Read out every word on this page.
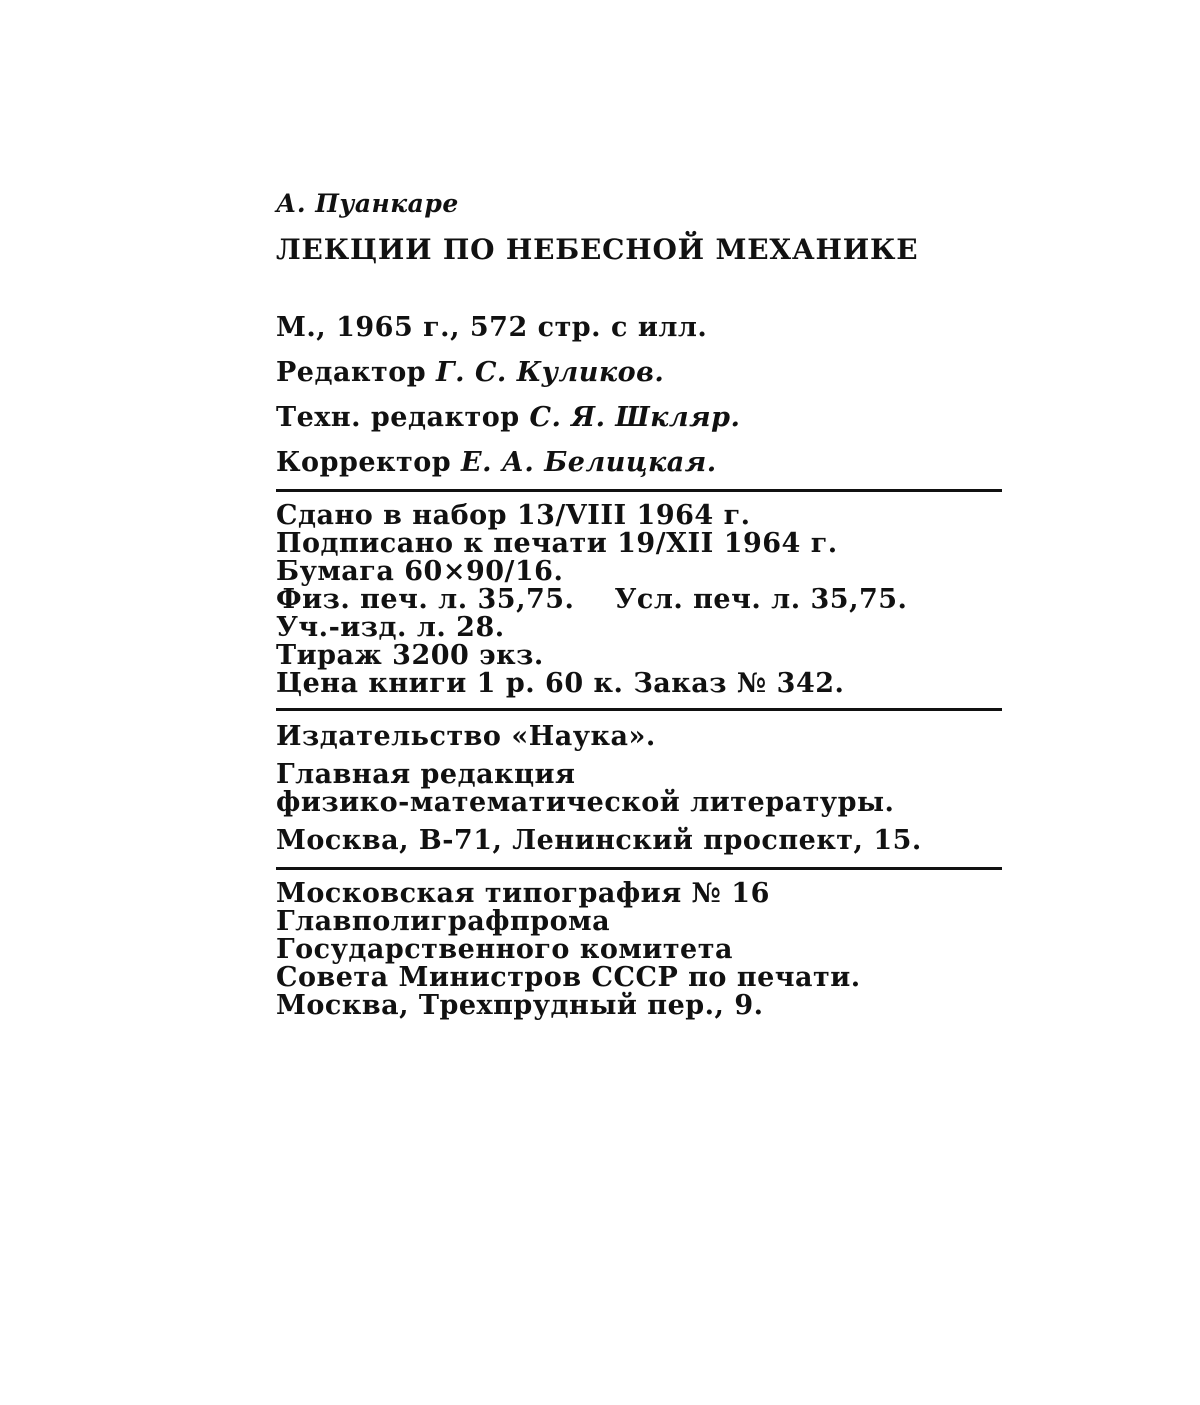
А. Пуанкаре
ЛЕКЦИИ ПО НЕБЕСНОЙ МЕХАНИКЕ
М., 1965 г., 572 стр. с илл.
Редактор Г. С. Куликов.
Техн. редактор С. Я. Шкляр.
Корректор Е. А. Белицкая.
Сдано в набор 13/VIII 1964 г.
Подписано к печати 19/XII 1964 г.
Бумага 60×90/16.
Физ. печ. л. 35,75. Усл. печ. л. 35,75.
Уч.-изд. л. 28.
Тираж 3200 экз.
Цена книги 1 р. 60 к. Заказ № 342.
Издательство «Наука».
Главная редакция
физико-математической литературы.
Москва, В-71, Ленинский проспект, 15.
Московская типография № 16
Главполиграфпрома
Государственного комитета
Совета Министров СССР по печати.
Москва, Трехпрудный пер., 9.
